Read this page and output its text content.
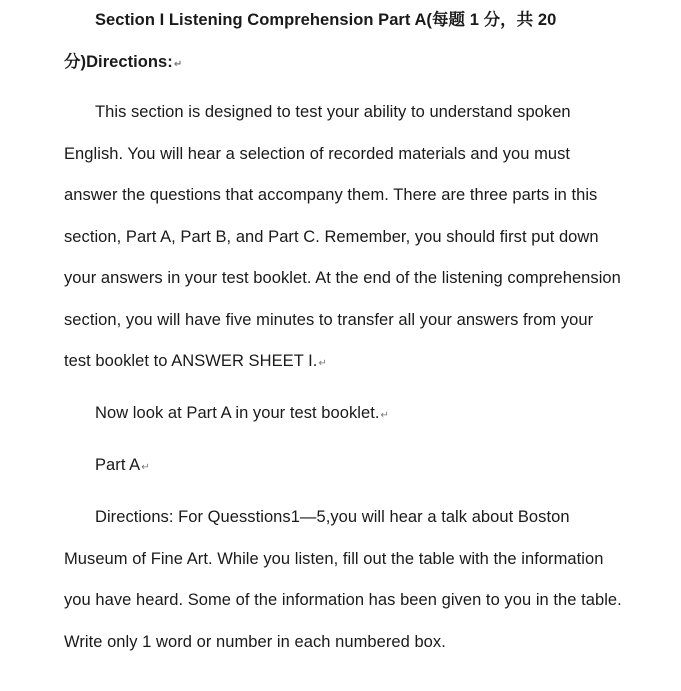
Section I Listening Comprehension Part A(每题 1 分，共 20
分)Directions:↵

This section is designed to test your ability to understand spoken English. You will hear a selection of recorded materials and you must answer the questions that accompany them. There are three parts in this section, Part A, Part B, and Part C. Remember, you should first put down your answers in your test booklet. At the end of the listening comprehension section, you will have five minutes to transfer all your answers from your test booklet to ANSWER SHEET I.↵

Now look at Part A in your test booklet.↵

Part A↵

Directions: For Quesstions1—5,you will hear a talk about Boston Museum of Fine Art. While you listen, fill out the table with the information you have heard. Some of the information has been given to you in the table. Write only 1 word or number in each numbered box.
